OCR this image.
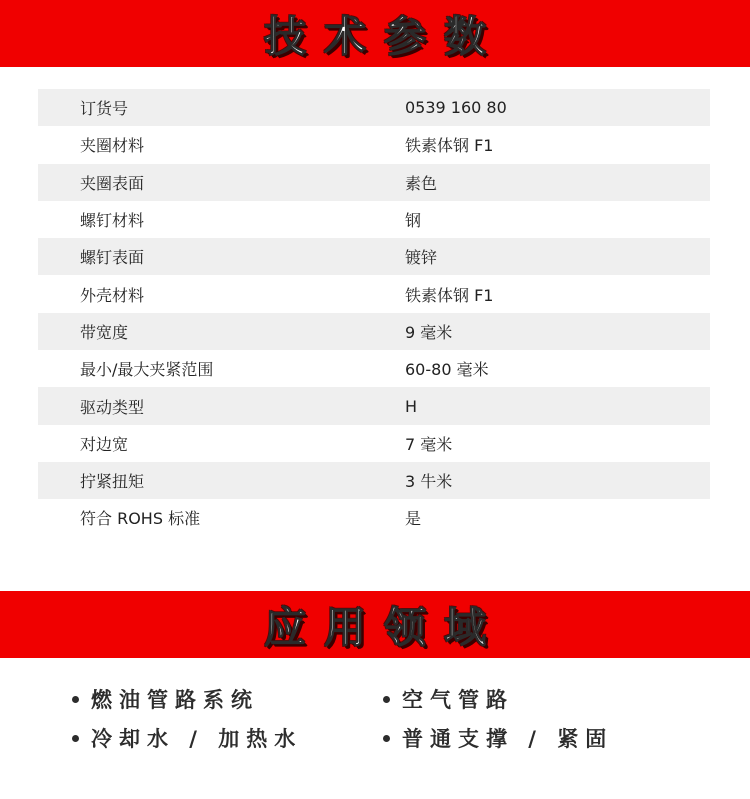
技术参数
订货号	0539 160 80
夹圈材料	铁素体钢 F1
夹圈表面	素色
螺钉材料	钢
螺钉表面	镀锌
外壳材料	铁素体钢 F1
带宽度	9 毫米
最小/最大夹紧范围	60-80 毫米
驱动类型	H
对边宽	7 毫米
拧紧扭矩	3 牛米
符合 ROHS 标准	是
应用领域
燃油管路系统	空气管路
冷却水 / 加热水	普通支撑 / 紧固
